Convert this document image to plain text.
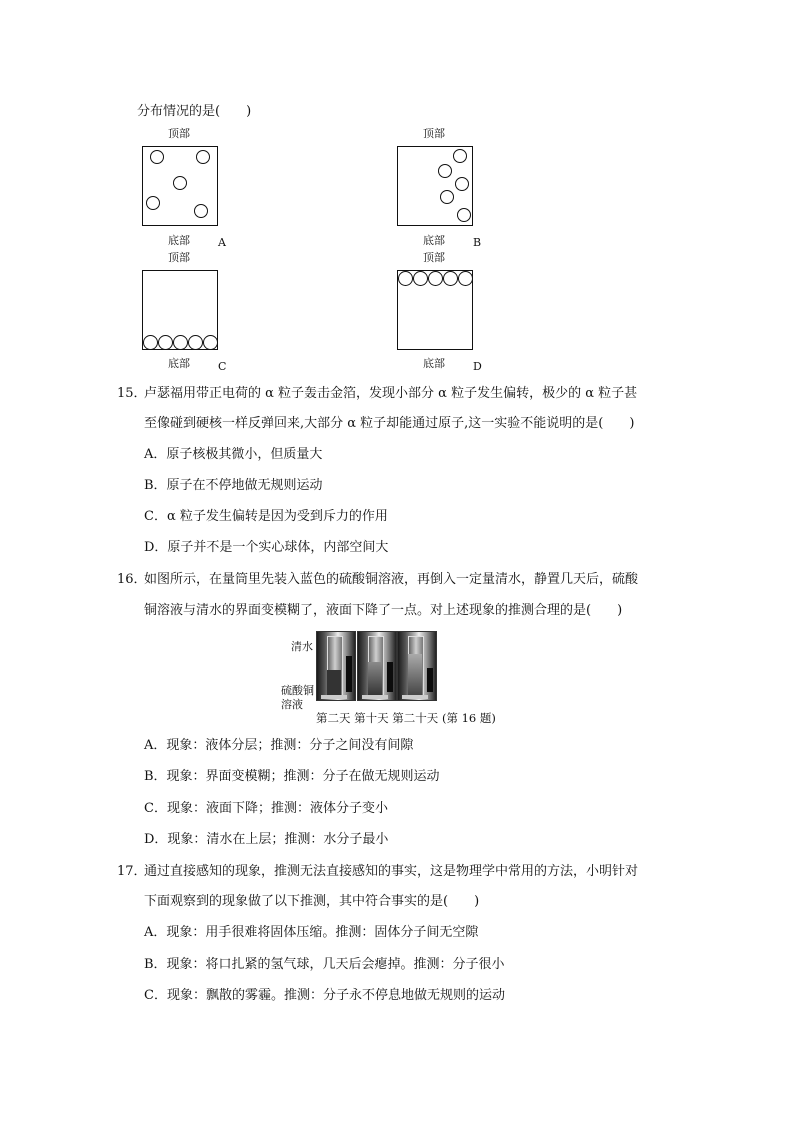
分布情况的是(　　)
顶部
底部	A
顶部
底部	B
顶部
底部	C
顶部
底部	D
15．
卢瑟福用带正电荷的 α 粒子轰击金箔，发现小部分 α 粒子发生偏转，极少的 α 粒子甚
至像碰到硬核一样反弹回来,大部分 α 粒子却能通过原子,这一实验不能说明的是(　　)
A．原子核极其微小，但质量大
B．原子在不停地做无规则运动
C．α 粒子发生偏转是因为受到斥力的作用
D．原子并不是一个实心球体，内部空间大
16．
如图所示，在量筒里先装入蓝色的硫酸铜溶液，再倒入一定量清水，静置几天后，硫酸
铜溶液与清水的界面变模糊了，液面下降了一点。对上述现象的推测合理的是(　　)
清水
硫酸铜
溶液
第二天 第十天 第二十天 (第 16 题)
A．现象：液体分层；推测：分子之间没有间隙
B．现象：界面变模糊；推测：分子在做无规则运动
C．现象：液面下降；推测：液体分子变小
D．现象：清水在上层；推测：水分子最小
17．
通过直接感知的现象，推测无法直接感知的事实，这是物理学中常用的方法，小明针对
下面观察到的现象做了以下推测，其中符合事实的是(　　)
A．现象：用手很难将固体压缩。推测：固体分子间无空隙
B．现象：将口扎紧的氢气球，几天后会瘪掉。推测：分子很小
C．现象：飘散的雾霾。推测：分子永不停息地做无规则的运动
